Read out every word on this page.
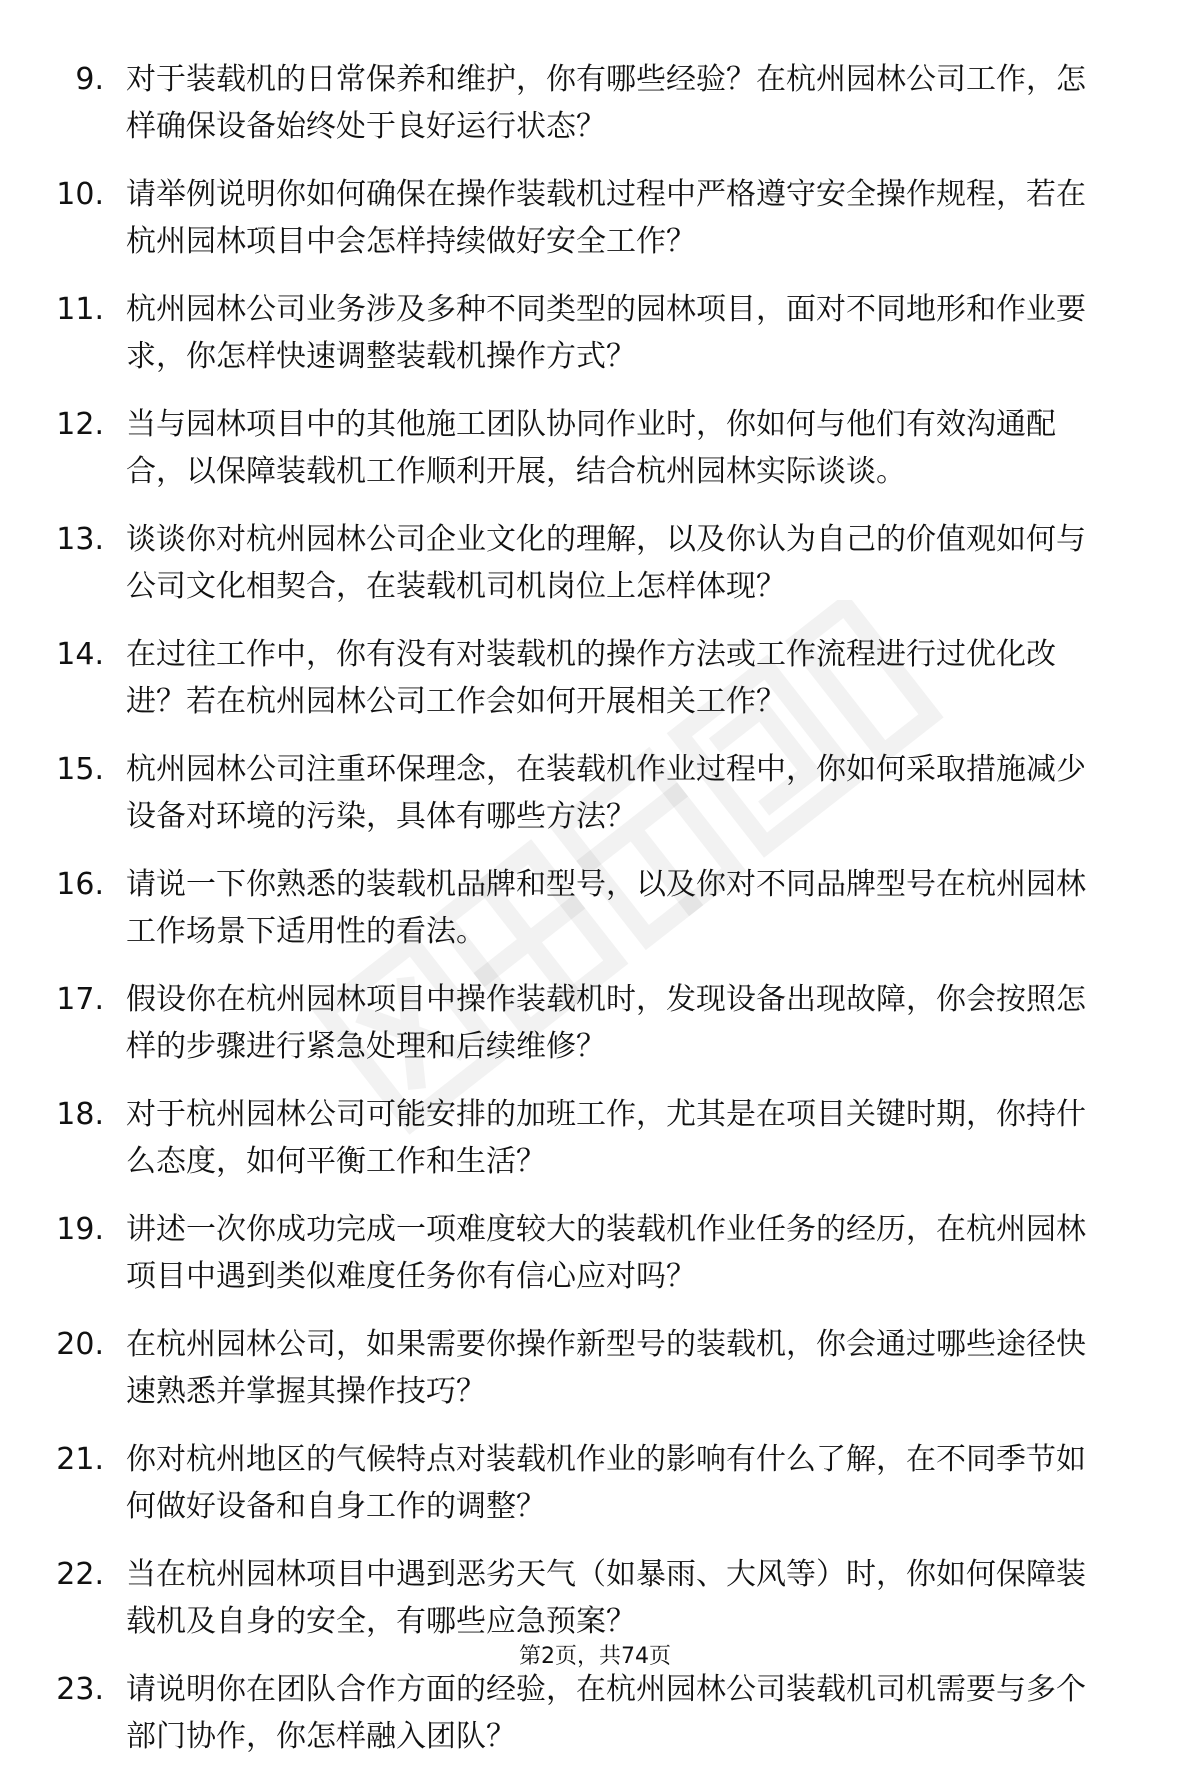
9. 对于装载机的日常保养和维护，你有哪些经验？在杭州园林公司工作，怎样确保设备始终处于良好运行状态？
10. 请举例说明你如何确保在操作装载机过程中严格遵守安全操作规程，若在杭州园林项目中会怎样持续做好安全工作？
11. 杭州园林公司业务涉及多种不同类型的园林项目，面对不同地形和作业要求，你怎样快速调整装载机操作方式？
12. 当与园林项目中的其他施工团队协同作业时，你如何与他们有效沟通配合，以保障装载机工作顺利开展，结合杭州园林实际谈谈。
13. 谈谈你对杭州园林公司企业文化的理解，以及你认为自己的价值观如何与公司文化相契合，在装载机司机岗位上怎样体现？
14. 在过往工作中，你有没有对装载机的操作方法或工作流程进行过优化改进？若在杭州园林公司工作会如何开展相关工作？
15. 杭州园林公司注重环保理念，在装载机作业过程中，你如何采取措施减少设备对环境的污染，具体有哪些方法？
16. 请说一下你熟悉的装载机品牌和型号，以及你对不同品牌型号在杭州园林工作场景下适用性的看法。
17. 假设你在杭州园林项目中操作装载机时，发现设备出现故障，你会按照怎样的步骤进行紧急处理和后续维修？
18. 对于杭州园林公司可能安排的加班工作，尤其是在项目关键时期，你持什么态度，如何平衡工作和生活？
19. 讲述一次你成功完成一项难度较大的装载机作业任务的经历，在杭州园林项目中遇到类似难度任务你有信心应对吗？
20. 在杭州园林公司，如果需要你操作新型号的装载机，你会通过哪些途径快速熟悉并掌握其操作技巧？
21. 你对杭州地区的气候特点对装载机作业的影响有什么了解，在不同季节如何做好设备和自身工作的调整？
22. 当在杭州园林项目中遇到恶劣天气（如暴雨、大风等）时，你如何保障装载机及自身的安全，有哪些应急预案？
23. 请说明你在团队合作方面的经验，在杭州园林公司装载机司机需要与多个部门协作，你怎样融入团队？
第2页，共74页
